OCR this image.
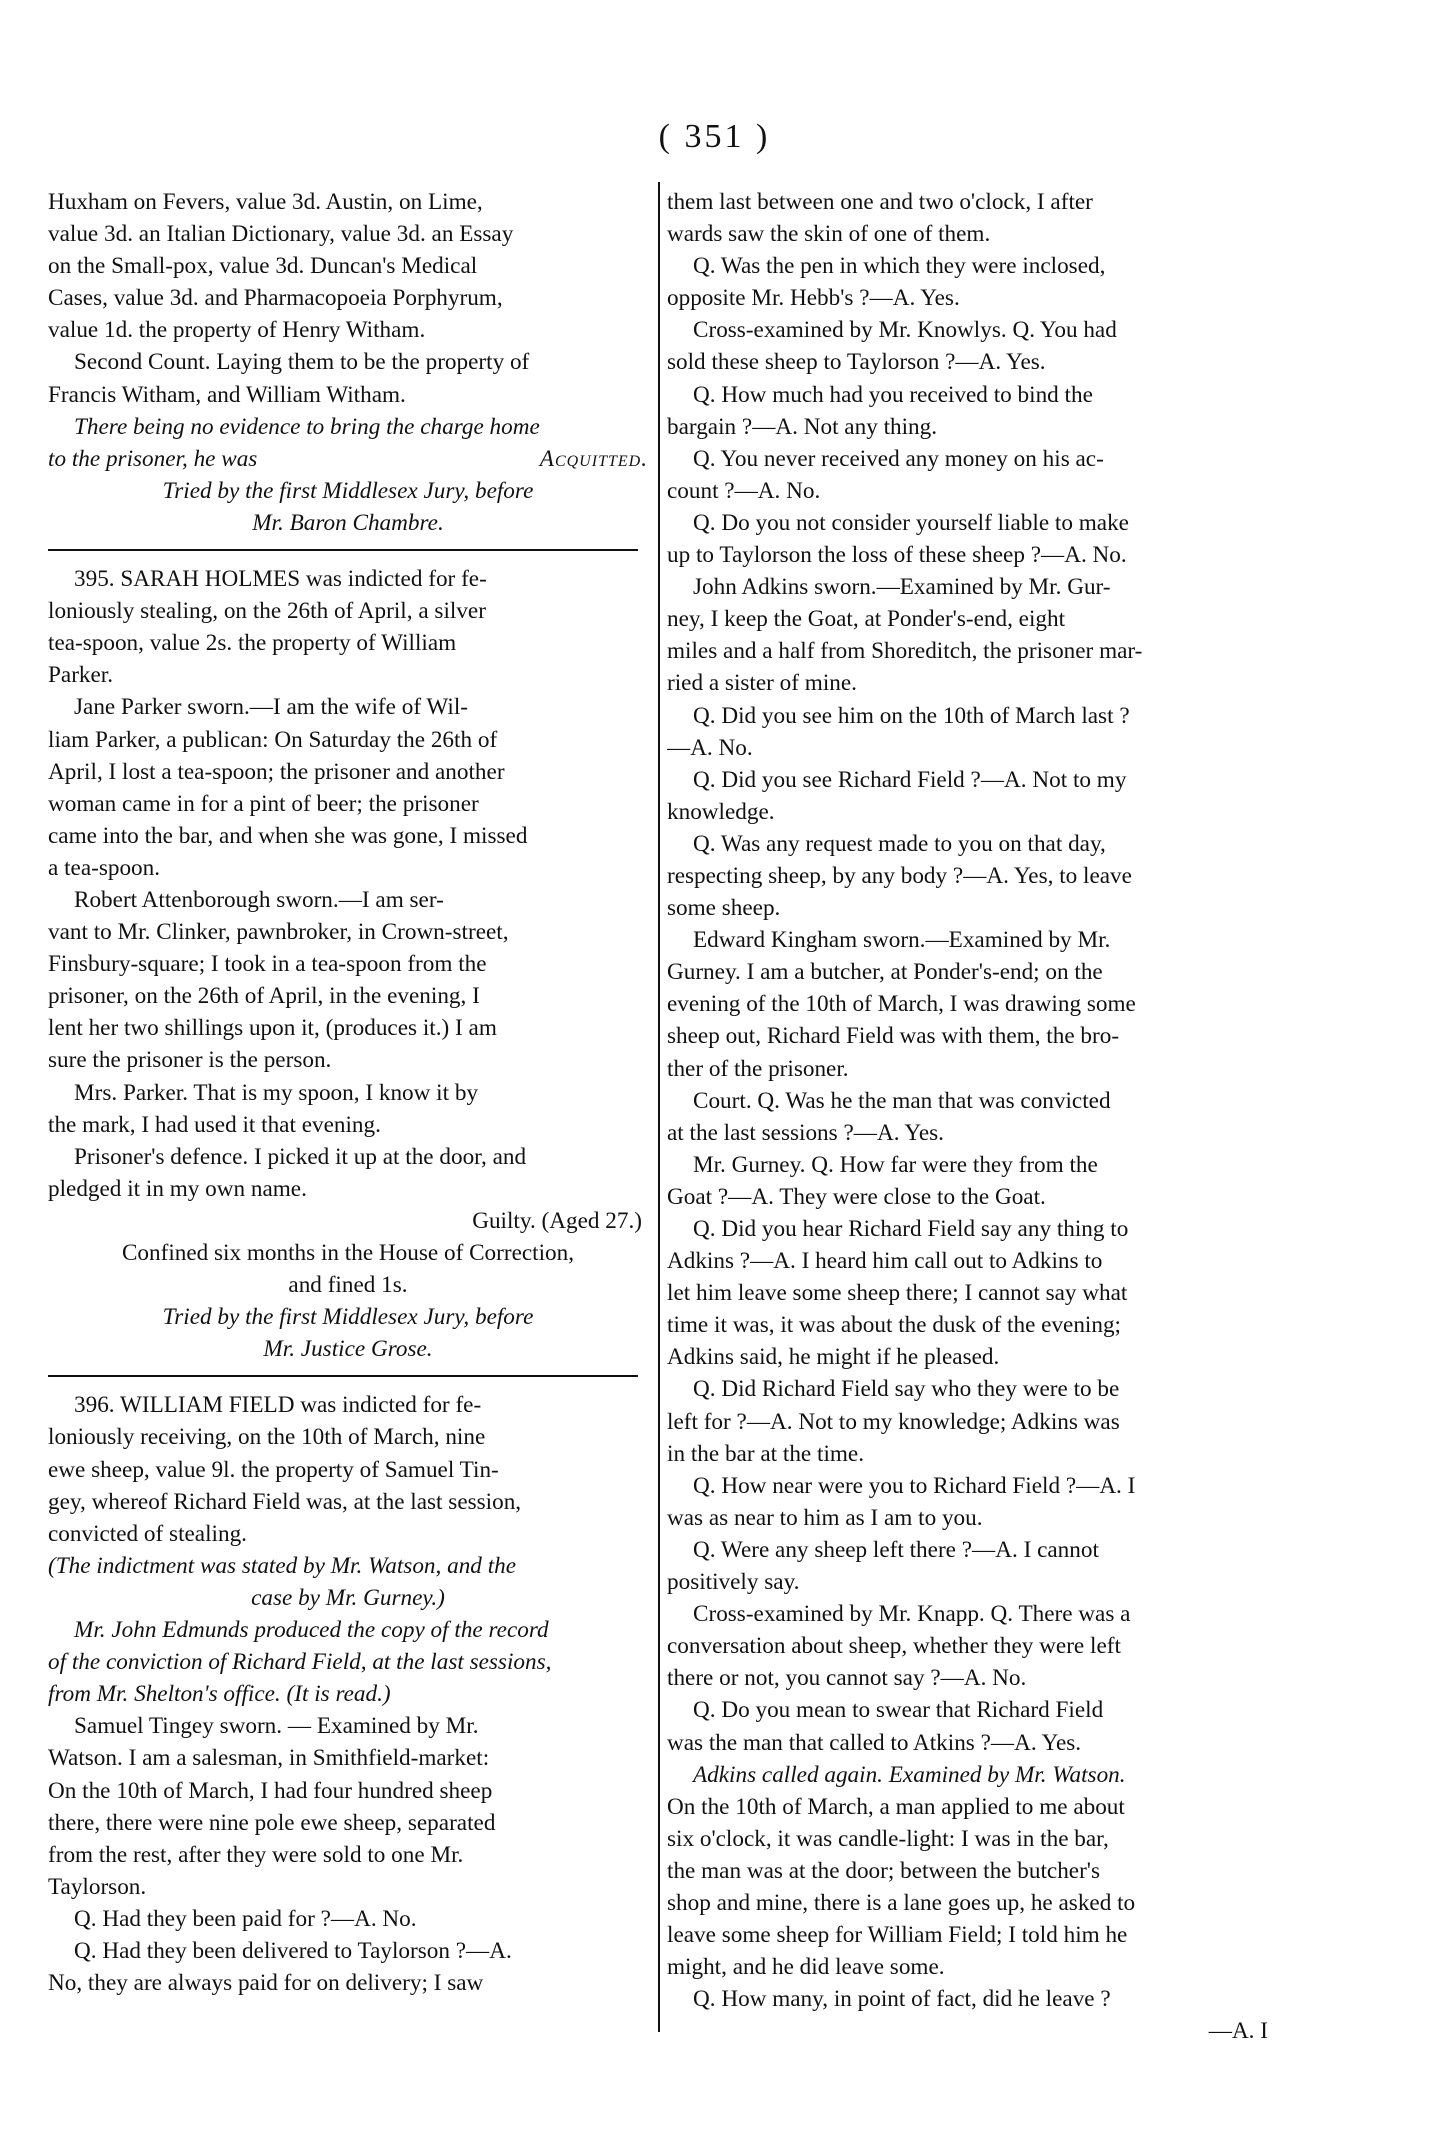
( 351 )
Huxham on Fevers, value 3d. Austin, on Lime,
value 3d. an Italian Dictionary, value 3d. an Essay
on the Small-pox, value 3d. Duncan's Medical
Cases, value 3d. and Pharmacopoeia Porphyrum,
value 1d. the property of Henry Witham.
Second Count. Laying them to be the property of
Francis Witham, and William Witham.
There being no evidence to bring the charge home
to the prisoner, he was	Acquitted.
Tried by the first Middlesex Jury, before
Mr. Baron Chambre.
395. SARAH HOLMES was indicted for fe-
loniously stealing, on the 26th of April, a silver
tea-spoon, value 2s. the property of William
Parker.
Jane Parker sworn.—I am the wife of Wil-
liam Parker, a publican: On Saturday the 26th of
April, I lost a tea-spoon; the prisoner and another
woman came in for a pint of beer; the prisoner
came into the bar, and when she was gone, I missed
a tea-spoon.
Robert Attenborough sworn.—I am ser-
vant to Mr. Clinker, pawnbroker, in Crown-street,
Finsbury-square; I took in a tea-spoon from the
prisoner, on the 26th of April, in the evening, I
lent her two shillings upon it, (produces it.) I am
sure the prisoner is the person.
Mrs. Parker. That is my spoon, I know it by
the mark, I had used it that evening.
Prisoner's defence. I picked it up at the door, and
pledged it in my own name.
Guilty. (Aged 27.)
Confined six months in the House of Correction,
and fined 1s.
Tried by the first Middlesex Jury, before
Mr. Justice Grose.
396. WILLIAM FIELD was indicted for fe-
loniously receiving, on the 10th of March, nine
ewe sheep, value 9l. the property of Samuel Tin-
gey, whereof Richard Field was, at the last session,
convicted of stealing.
(The indictment was stated by Mr. Watson, and the
case by Mr. Gurney.)
Mr. John Edmunds produced the copy of the record
of the conviction of Richard Field, at the last sessions,
from Mr. Shelton's office. (It is read.)
Samuel Tingey sworn. — Examined by Mr.
Watson. I am a salesman, in Smithfield-market:
On the 10th of March, I had four hundred sheep
there, there were nine pole ewe sheep, separated
from the rest, after they were sold to one Mr.
Taylorson.
Q. Had they been paid for ?—A. No.
Q. Had they been delivered to Taylorson ?—A.
No, they are always paid for on delivery; I saw
them last between one and two o'clock, I after
wards saw the skin of one of them.
Q. Was the pen in which they were inclosed,
opposite Mr. Hebb's ?—A. Yes.
Cross-examined by Mr. Knowlys. Q. You had
sold these sheep to Taylorson ?—A. Yes.
Q. How much had you received to bind the
bargain ?—A. Not any thing.
Q. You never received any money on his ac-
count ?—A. No.
Q. Do you not consider yourself liable to make
up to Taylorson the loss of these sheep ?—A. No.
John Adkins sworn.—Examined by Mr. Gur-
ney, I keep the Goat, at Ponder's-end, eight
miles and a half from Shoreditch, the prisoner mar-
ried a sister of mine.
Q. Did you see him on the 10th of March last ?
—A. No.
Q. Did you see Richard Field ?—A. Not to my
knowledge.
Q. Was any request made to you on that day,
respecting sheep, by any body ?—A. Yes, to leave
some sheep.
Edward Kingham sworn.—Examined by Mr.
Gurney. I am a butcher, at Ponder's-end; on the
evening of the 10th of March, I was drawing some
sheep out, Richard Field was with them, the bro-
ther of the prisoner.
Court. Q. Was he the man that was convicted
at the last sessions ?—A. Yes.
Mr. Gurney. Q. How far were they from the
Goat ?—A. They were close to the Goat.
Q. Did you hear Richard Field say any thing to
Adkins ?—A. I heard him call out to Adkins to
let him leave some sheep there; I cannot say what
time it was, it was about the dusk of the evening;
Adkins said, he might if he pleased.
Q. Did Richard Field say who they were to be
left for ?—A. Not to my knowledge; Adkins was
in the bar at the time.
Q. How near were you to Richard Field ?—A. I
was as near to him as I am to you.
Q. Were any sheep left there ?—A. I cannot
positively say.
Cross-examined by Mr. Knapp. Q. There was a
conversation about sheep, whether they were left
there or not, you cannot say ?—A. No.
Q. Do you mean to swear that Richard Field
was the man that called to Atkins ?—A. Yes.
Adkins called again. Examined by Mr. Watson.
On the 10th of March, a man applied to me about
six o'clock, it was candle-light: I was in the bar,
the man was at the door; between the butcher's
shop and mine, there is a lane goes up, he asked to
leave some sheep for William Field; I told him he
might, and he did leave some.
Q. How many, in point of fact, did he leave ?
—A. I
